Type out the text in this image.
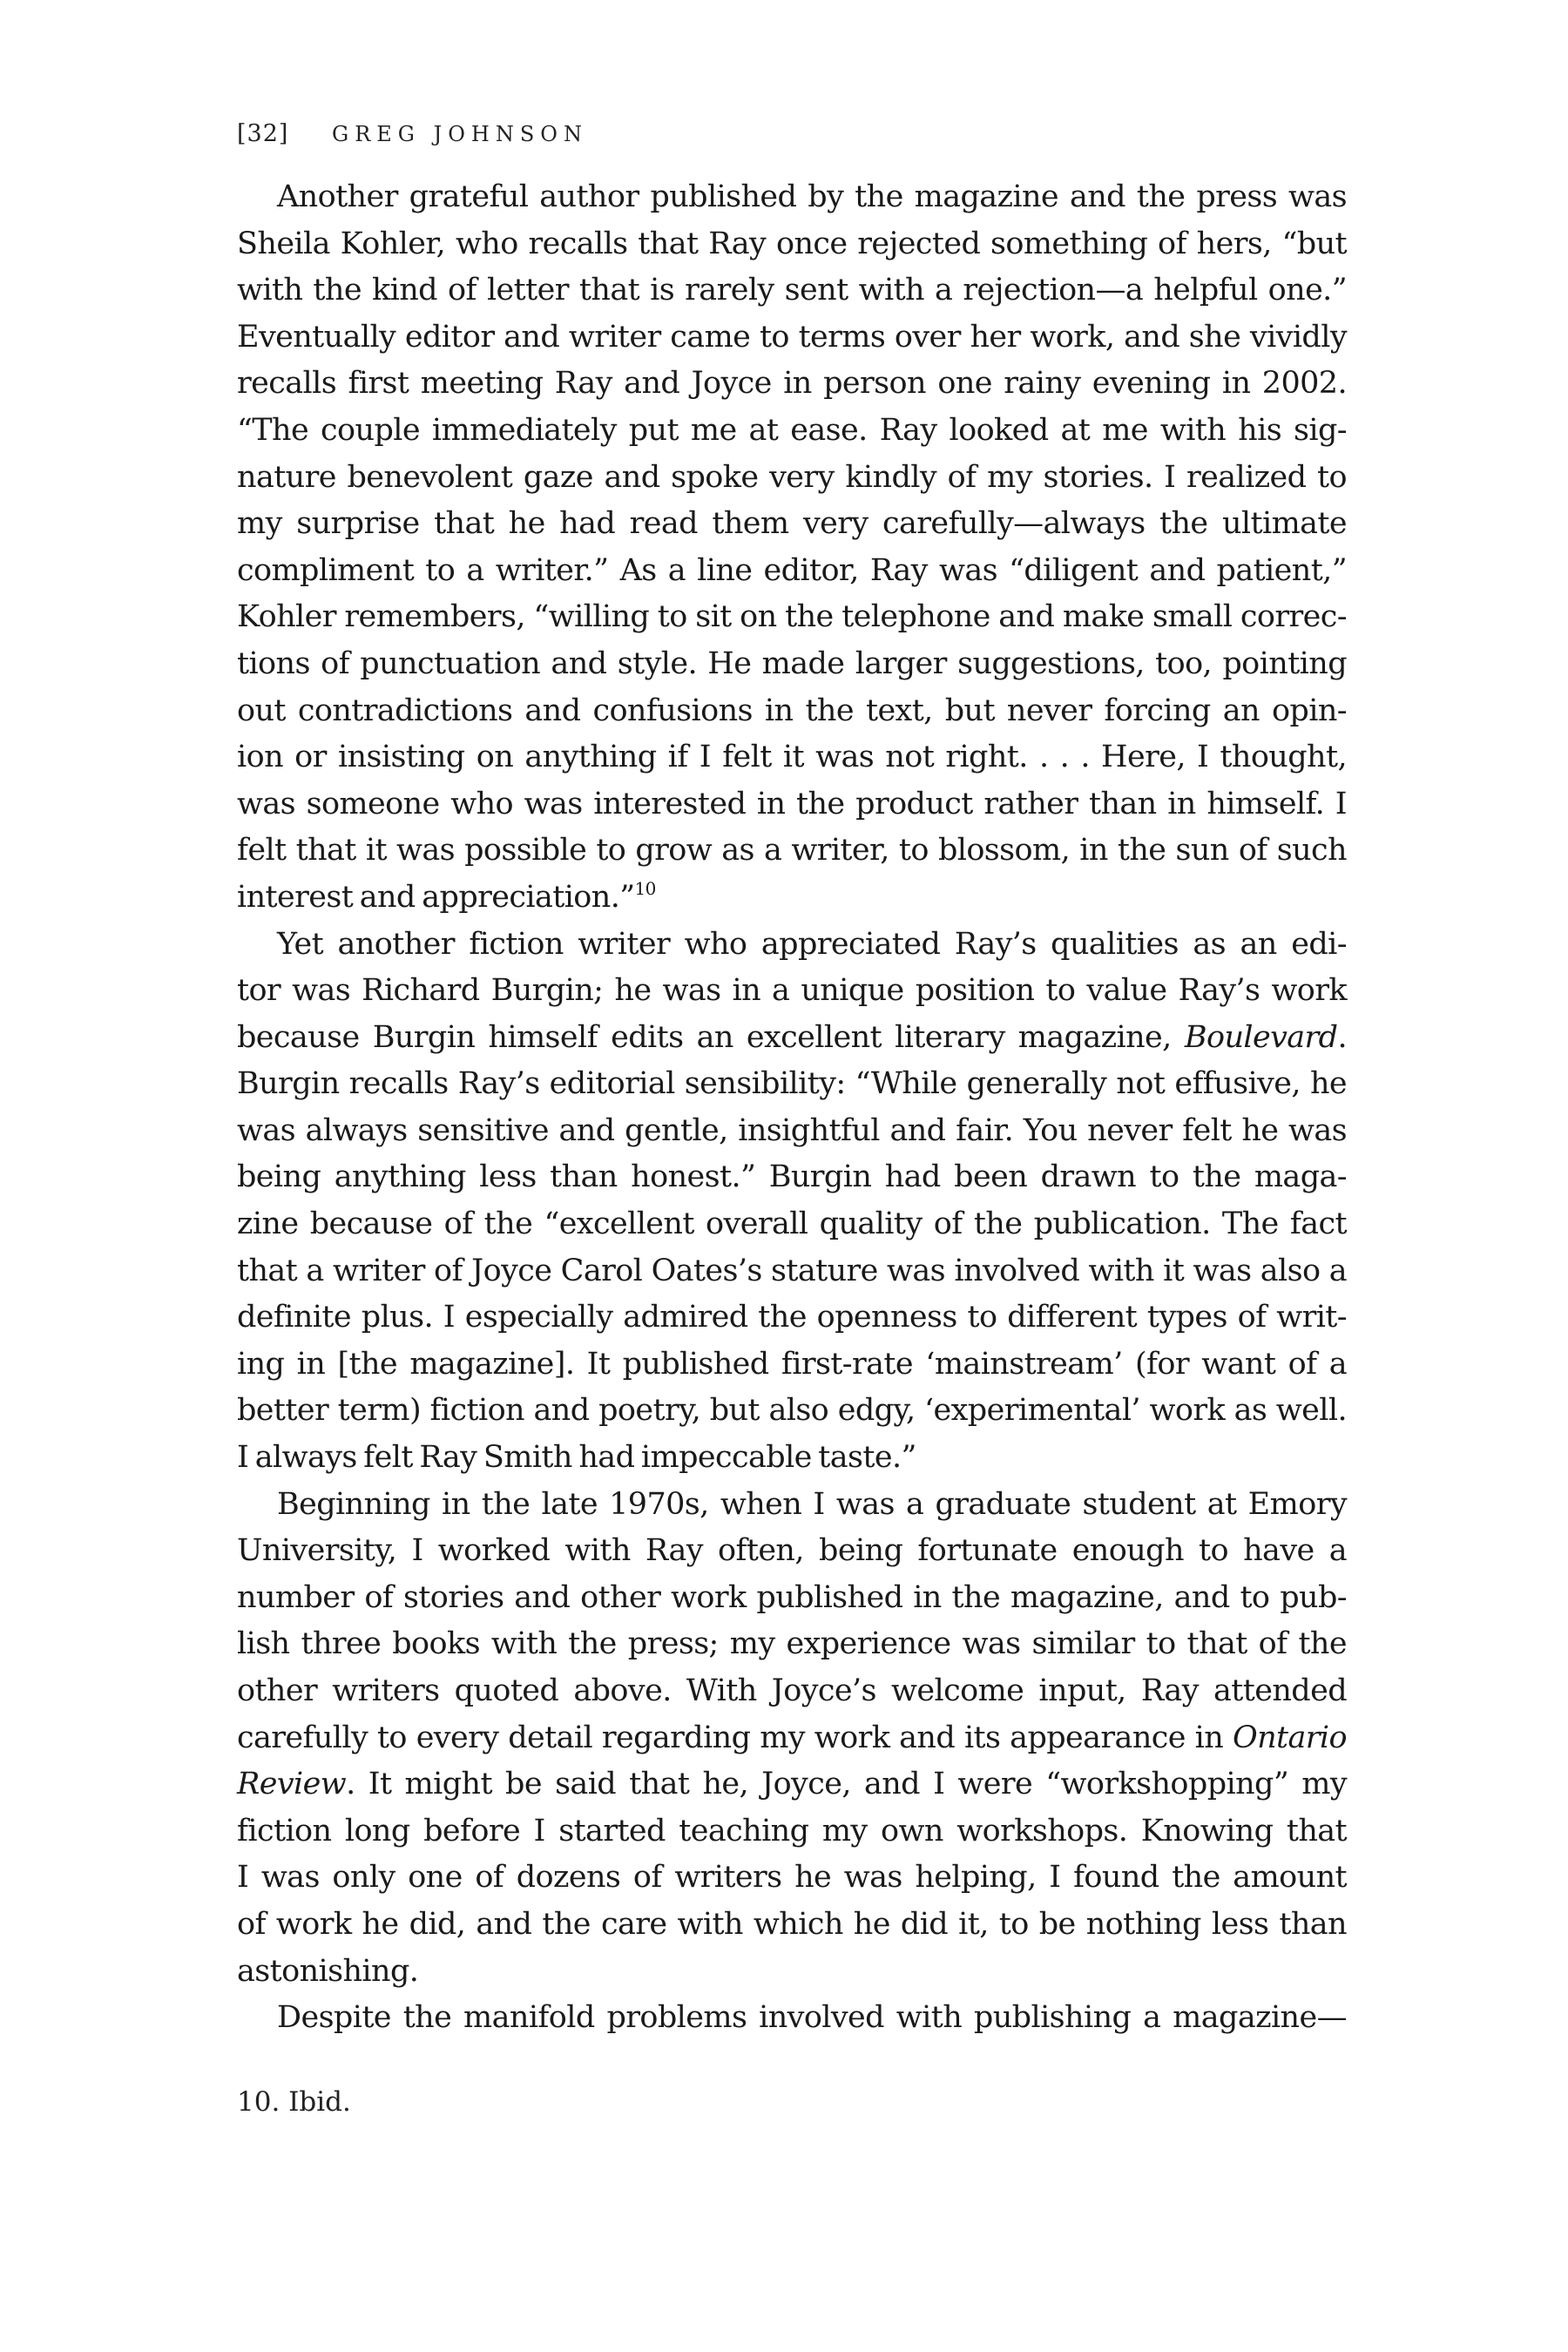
[32] GREG JOHNSON
Another grateful author published by the magazine and the press was
Sheila Kohler, who recalls that Ray once rejected something of hers, “but
with the kind of letter that is rarely sent with a rejection—a helpful one.”
Eventually editor and writer came to terms over her work, and she vividly
recalls first meeting Ray and Joyce in person one rainy evening in 2002.
“The couple immediately put me at ease. Ray looked at me with his sig-
nature benevolent gaze and spoke very kindly of my stories. I realized to
my surprise that he had read them very carefully—always the ultimate
compliment to a writer.” As a line editor, Ray was “diligent and patient,”
Kohler remembers, “willing to sit on the telephone and make small correc-
tions of punctuation and style. He made larger suggestions, too, pointing
out contradictions and confusions in the text, but never forcing an opin-
ion or insisting on anything if I felt it was not right. . . . Here, I thought,
was someone who was interested in the product rather than in himself. I
felt that it was possible to grow as a writer, to blossom, in the sun of such
interest and appreciation.”$^{10}$
Yet another fiction writer who appreciated Ray’s qualities as an edi-
tor was Richard Burgin; he was in a unique position to value Ray’s work
because Burgin himself edits an excellent literary magazine, Boulevard.
Burgin recalls Ray’s editorial sensibility: “While generally not effusive, he
was always sensitive and gentle, insightful and fair. You never felt he was
being anything less than honest.” Burgin had been drawn to the maga-
zine because of the “excellent overall quality of the publication. The fact
that a writer of Joyce Carol Oates’s stature was involved with it was also a
definite plus. I especially admired the openness to different types of writ-
ing in [the magazine]. It published first-rate ‘mainstream’ (for want of a
better term) fiction and poetry, but also edgy, ‘experimental’ work as well.
I always felt Ray Smith had impeccable taste.”
Beginning in the late 1970s, when I was a graduate student at Emory
University, I worked with Ray often, being fortunate enough to have a
number of stories and other work published in the magazine, and to pub-
lish three books with the press; my experience was similar to that of the
other writers quoted above. With Joyce’s welcome input, Ray attended
carefully to every detail regarding my work and its appearance in Ontario
Review. It might be said that he, Joyce, and I were “workshopping” my
fiction long before I started teaching my own workshops. Knowing that
I was only one of dozens of writers he was helping, I found the amount
of work he did, and the care with which he did it, to be nothing less than
astonishing.
Despite the manifold problems involved with publishing a magazine—
10. Ibid.
